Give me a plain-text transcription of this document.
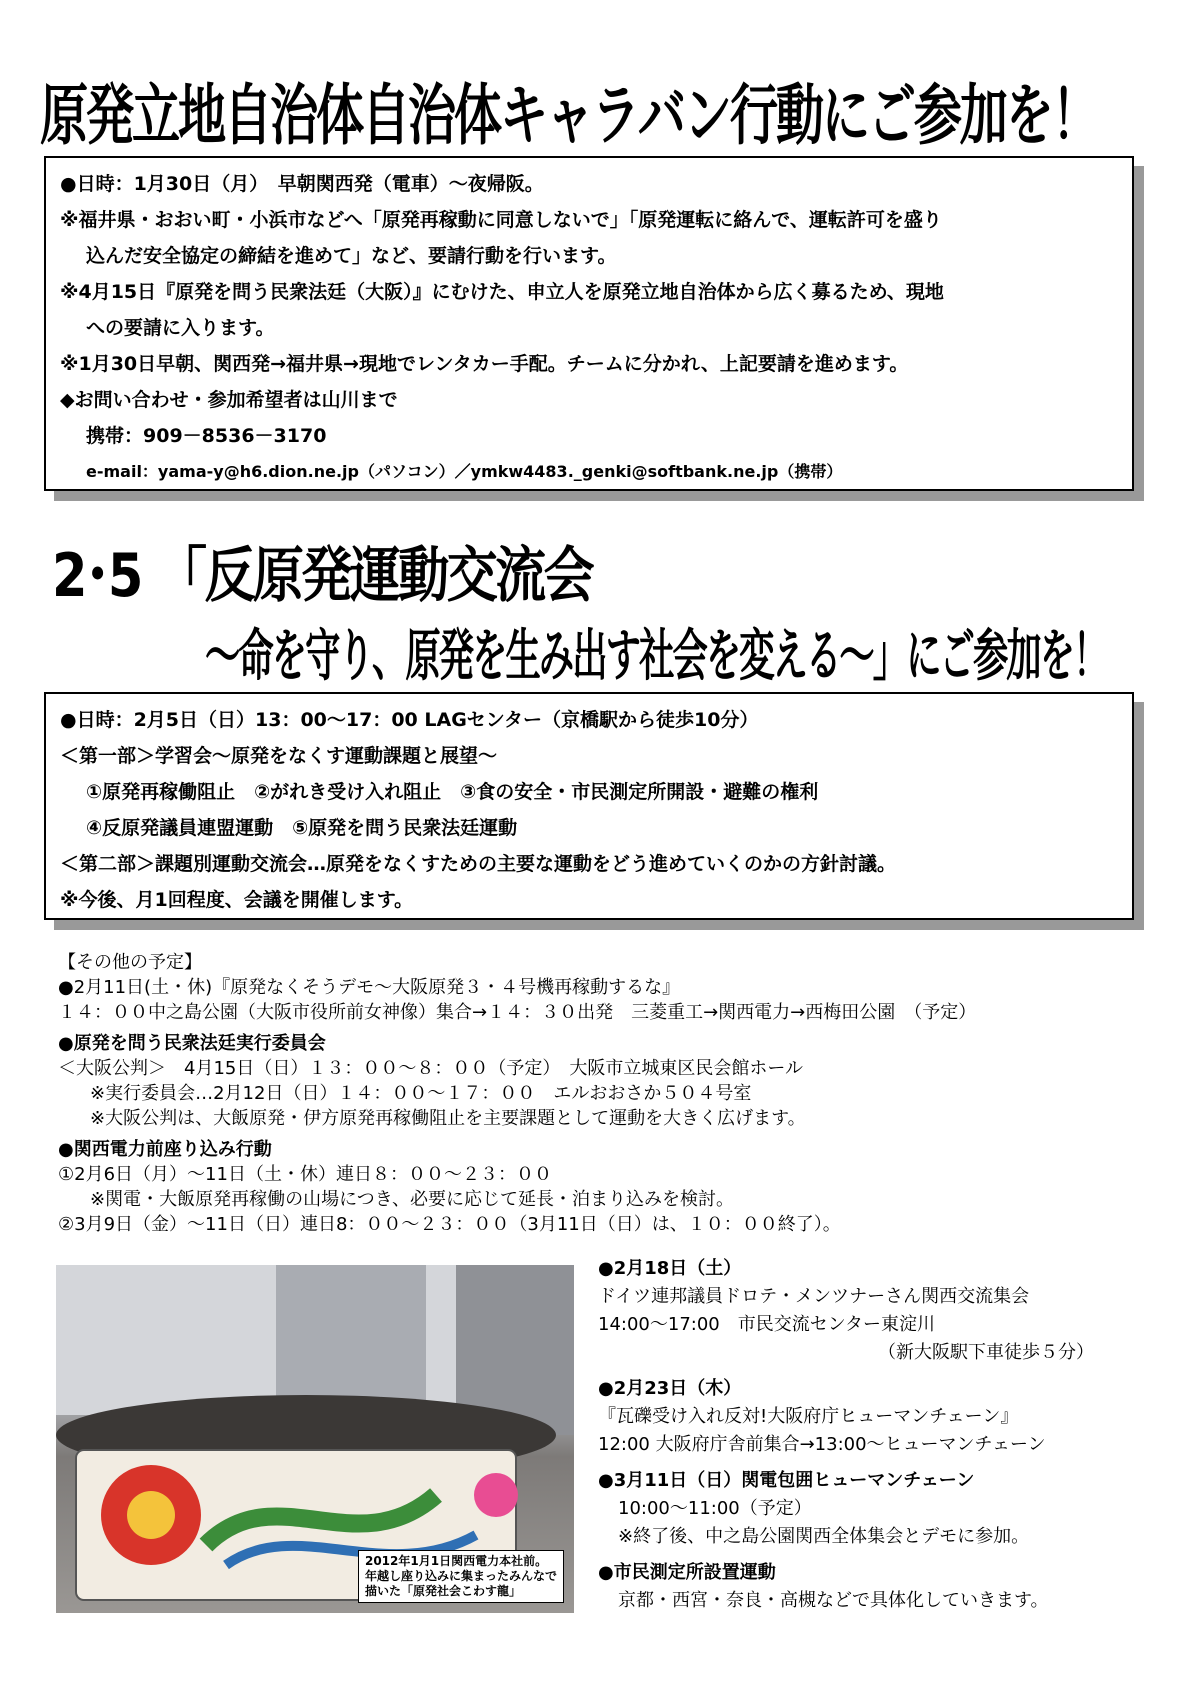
原発立地自治体自治体キャラバン行動にご参加を！
●日時：1月30日（月）　早朝関西発（電車）～夜帰阪。
※福井県・おおい町・小浜市などへ「原発再稼動に同意しないで」「原発運転に絡んで、運転許可を盛り
込んだ安全協定の締結を進めて」など、要請行動を行います。
※4月15日『原発を問う民衆法廷（大阪）』にむけた、申立人を原発立地自治体から広く募るため、現地
への要請に入ります。
※1月30日早朝、関西発→福井県→現地でレンタカー手配。チームに分かれ、上記要請を進めます。
◆お問い合わせ・参加希望者は山川まで
携帯：909－8536－3170
e-mail：yama-y@h6.dion.ne.jp（パソコン）／ymkw4483._genki@softbank.ne.jp（携帯）
2･5 「反原発運動交流会
～命を守り、原発を生み出す社会を変える～」にご参加を！
●日時：2月5日（日）13：00～17：00 LAGセンター（京橋駅から徒歩10分）
＜第一部＞学習会～原発をなくす運動課題と展望～
①原発再稼働阻止　②がれき受け入れ阻止　③食の安全・市民測定所開設・避難の権利
④反原発議員連盟運動　⑤原発を問う民衆法廷運動
＜第二部＞課題別運動交流会…原発をなくすための主要な運動をどう進めていくのかの方針討議。
※今後、月1回程度、会議を開催します。
【その他の予定】
●2月11日(土・休)『原発なくそうデモ～大阪原発３・４号機再稼動するな』
１４：００中之島公園（大阪市役所前女神像）集合→１４：３０出発　三菱重工→関西電力→西梅田公園　（予定）
●原発を問う民衆法廷実行委員会
＜大阪公判＞　4月15日（日）１３：００～８：００（予定）　大阪市立城東区民会館ホール
※実行委員会…2月12日（日）１４：００～１７：００　エルおおさか５０４号室
※大阪公判は、大飯原発・伊方原発再稼働阻止を主要課題として運動を大きく広げます。
●関西電力前座り込み行動
①2月6日（月）～11日（土・休）連日８：００～２３：００
※関電・大飯原発再稼働の山場につき、必要に応じて延長・泊まり込みを検討。
②3月9日（金）～11日（日）連日8：００～２３：００（3月11日（日）は、１０：００終了）。
2012年1月1日関西電力本社前。
年越し座り込みに集まったみんなで
描いた「原発社会こわす龍」
●2月18日（土）
ドイツ連邦議員ドロテ・メンツナーさん関西交流集会
14:00～17:00　市民交流センター東淀川
（新大阪駅下車徒歩５分）
●2月23日（木）
『瓦礫受け入れ反対!大阪府庁ヒューマンチェーン』
12:00 大阪府庁舎前集合→13:00～ヒューマンチェーン
●3月11日（日）関電包囲ヒューマンチェーン
10:00～11:00（予定）
※終了後、中之島公園関西全体集会とデモに参加。
●市民測定所設置運動
京都・西宮・奈良・高槻などで具体化していきます。
